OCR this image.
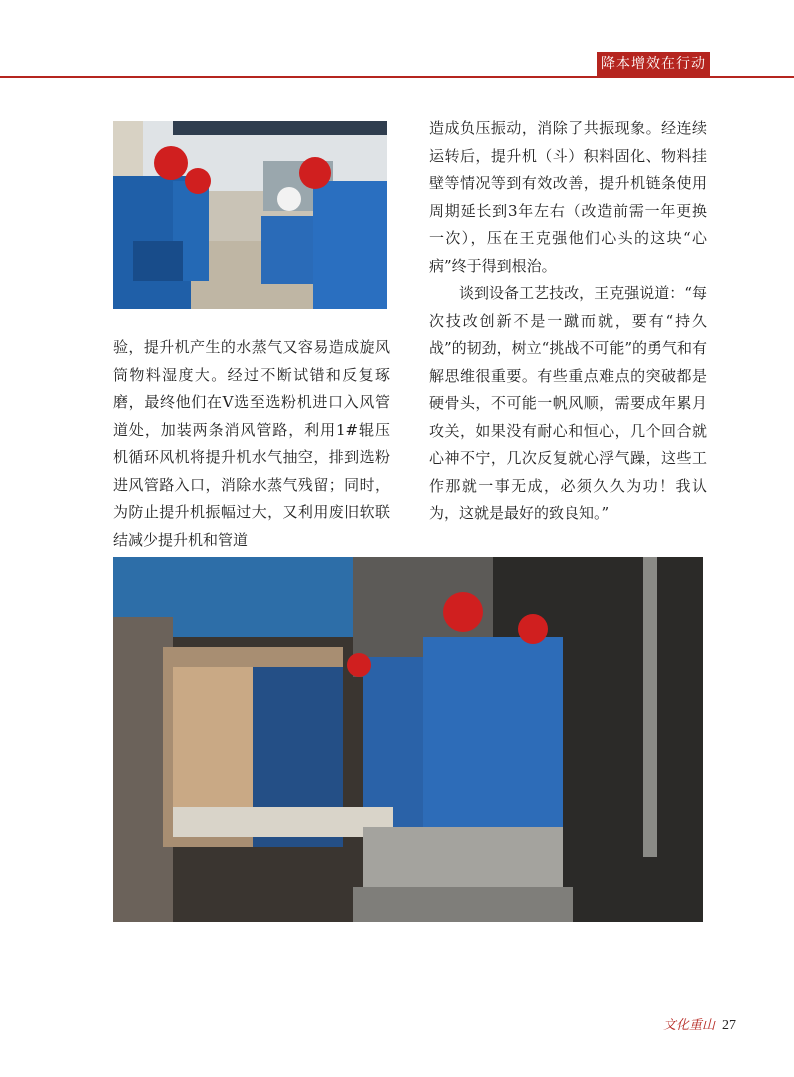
降本增效在行动

验，提升机产生的水蒸气又容易造成旋风筒物料湿度大。经过不断试错和反复琢磨，最终他们在Ⅴ选至选粉机进口入风管道处，加装两条消风管路，利用1#辊压机循环风机将提升机水气抽空，排到选粉进风管路入口，消除水蒸气残留；同时，为防止提升机振幅过大，又利用废旧软联结减少提升机和管道

造成负压振动，消除了共振现象。经连续运转后，提升机（斗）积料固化、物料挂壁等情况等到有效改善，提升机链条使用周期延长到3年左右（改造前需一年更换一次），压在王克强他们心头的这块“心病”终于得到根治。

谈到设备工艺技改，王克强说道：“每次技改创新不是一蹴而就，要有“持久战”的韧劲，树立“挑战不可能”的勇气和有解思维很重要。有些重点难点的突破都是硬骨头，不可能一帆风顺，需要成年累月攻关，如果没有耐心和恒心，几个回合就心神不宁，几次反复就心浮气躁，这些工作那就一事无成，必须久久为功！我认为，这就是最好的致良知。”

文化重山 27
